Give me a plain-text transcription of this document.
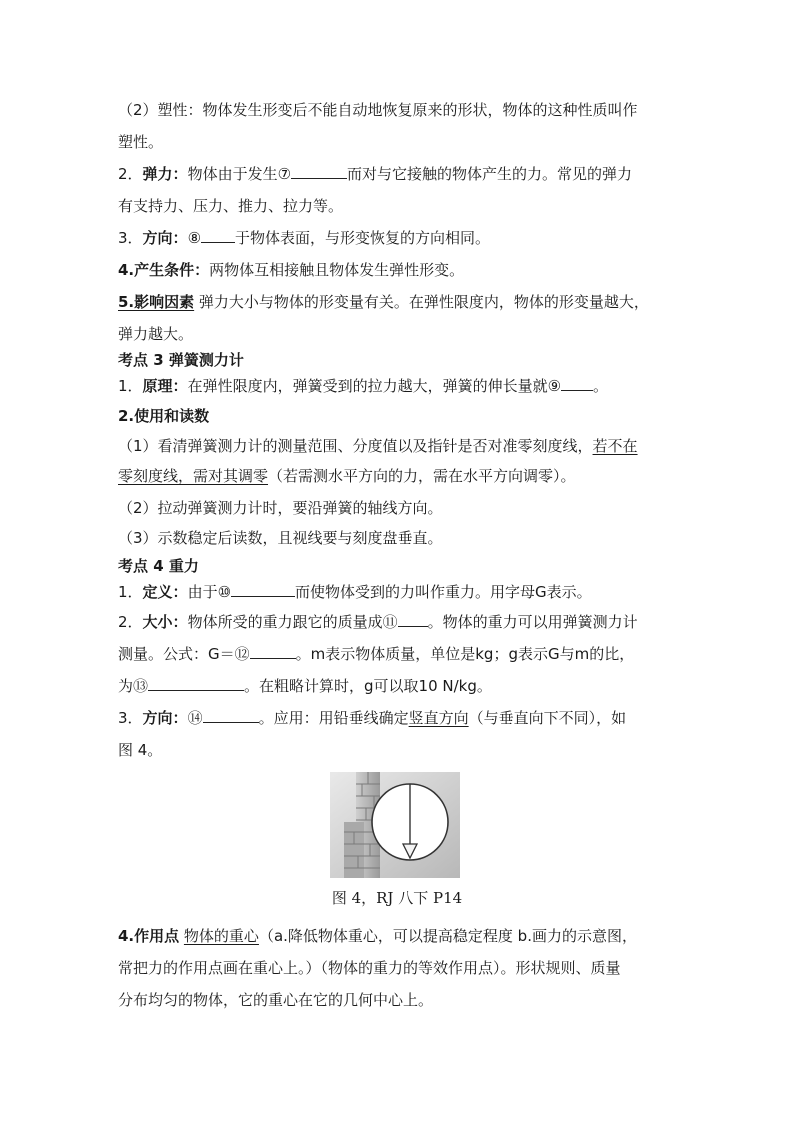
（2）塑性：物体发生形变后不能自动地恢复原来的形状，物体的这种性质叫作
塑性。
2．弹力：物体由于发生⑦	而对与它接触的物体产生的力。常见的弹力
有支持力、压力、推力、拉力等。
3．方向：⑧ 于物体表面，与形变恢复的方向相同。
4.产生条件：两物体互相接触且物体发生弹性形变。
5.影响因素 弹力大小与物体的形变量有关。在弹性限度内，物体的形变量越大，
弹力越大。
考点 3 弹簧测力计
1．原理：在弹性限度内，弹簧受到的拉力越大，弹簧的伸长量就⑨ 。
2.使用和读数
（1）看清弹簧测力计的测量范围、分度值以及指针是否对准零刻度线，若不在
零刻度线，需对其调零（若需测水平方向的力，需在水平方向调零）。
（2）拉动弹簧测力计时，要沿弹簧的轴线方向。
（3）示数稳定后读数，且视线要与刻度盘垂直。
考点 4 重力
1．定义：由于⑩	而使物体受到的力叫作重力。用字母G表示。
2．大小：物体所受的重力跟它的质量成⑪ 。物体的重力可以用弹簧测力计
测量。公式：G＝⑫	。m表示物体质量，单位是kg；g表示G与m的比，
为⑬	。在粗略计算时，g可以取10 N/kg。
3．方向：⑭	。应用：用铅垂线确定竖直方向（与垂直向下不同），如
图 4。
图 4，RJ 八下 P14
4.作用点 物体的重心（a.降低物体重心，可以提高稳定程度 b.画力的示意图，
常把力的作用点画在重心上。）（物体的重力的等效作用点）。形状规则、质量
分布均匀的物体，它的重心在它的几何中心上。
